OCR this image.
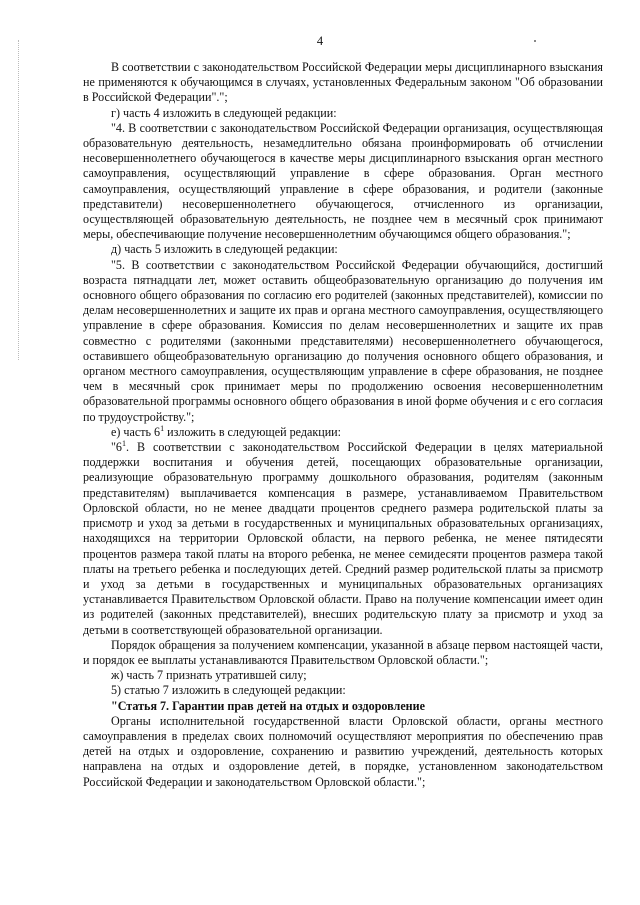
4

В соответствии с законодательством Российской Федерации меры дисциплинарного взыскания не применяются к обучающимся в случаях, установленных Федеральным законом "Об образовании в Российской Федерации".";

г) часть 4 изложить в следующей редакции:

"4. В соответствии с законодательством Российской Федерации организация, осуществляющая образовательную деятельность, незамедлительно обязана проинформировать об отчислении несовершеннолетнего обучающегося в качестве меры дисциплинарного взыскания орган местного самоуправления, осуществляющий управление в сфере образования. Орган местного самоуправления, осуществляющий управление в сфере образования, и родители (законные представители) несовершеннолетнего обучающегося, отчисленного из организации, осуществляющей образовательную деятельность, не позднее чем в месячный срок принимают меры, обеспечивающие получение несовершеннолетним обучающимся общего образования.";

д) часть 5 изложить в следующей редакции:

"5. В соответствии с законодательством Российской Федерации обучающийся, достигший возраста пятнадцати лет, может оставить общеобразовательную организацию до получения им основного общего образования по согласию его родителей (законных представителей), комиссии по делам несовершеннолетних и защите их прав и органа местного самоуправления, осуществляющего управление в сфере образования. Комиссия по делам несовершеннолетних и защите их прав совместно с родителями (законными представителями) несовершеннолетнего обучающегося, оставившего общеобразовательную организацию до получения основного общего образования, и органом местного самоуправления, осуществляющим управление в сфере образования, не позднее чем в месячный срок принимает меры по продолжению освоения несовершеннолетним образовательной программы основного общего образования в иной форме обучения и с его согласия по трудоустройству.";

е) часть $6^1$ изложить в следующей редакции:

"$6^1$. В соответствии с законодательством Российской Федерации в целях материальной поддержки воспитания и обучения детей, посещающих образовательные организации, реализующие образовательную программу дошкольного образования, родителям (законным представителям) выплачивается компенсация в размере, устанавливаемом Правительством Орловской области, но не менее двадцати процентов среднего размера родительской платы за присмотр и уход за детьми в государственных и муниципальных образовательных организациях, находящихся на территории Орловской области, на первого ребенка, не менее пятидесяти процентов размера такой платы на второго ребенка, не менее семидесяти процентов размера такой платы на третьего ребенка и последующих детей. Средний размер родительской платы за присмотр и уход за детьми в государственных и муниципальных образовательных организациях устанавливается Правительством Орловской области. Право на получение компенсации имеет один из родителей (законных представителей), внесших родительскую плату за присмотр и уход за детьми в соответствующей образовательной организации.

Порядок обращения за получением компенсации, указанной в абзаце первом настоящей части, и порядок ее выплаты устанавливаются Правительством Орловской области.";

ж) часть 7 признать утратившей силу;

5) статью 7 изложить в следующей редакции:

"Статья 7. Гарантии прав детей на отдых и оздоровление

Органы исполнительной государственной власти Орловской области, органы местного самоуправления в пределах своих полномочий осуществляют мероприятия по обеспечению прав детей на отдых и оздоровление, сохранению и развитию учреждений, деятельность которых направлена на отдых и оздоровление детей, в порядке, установленном законодательством Российской Федерации и законодательством Орловской области.";
